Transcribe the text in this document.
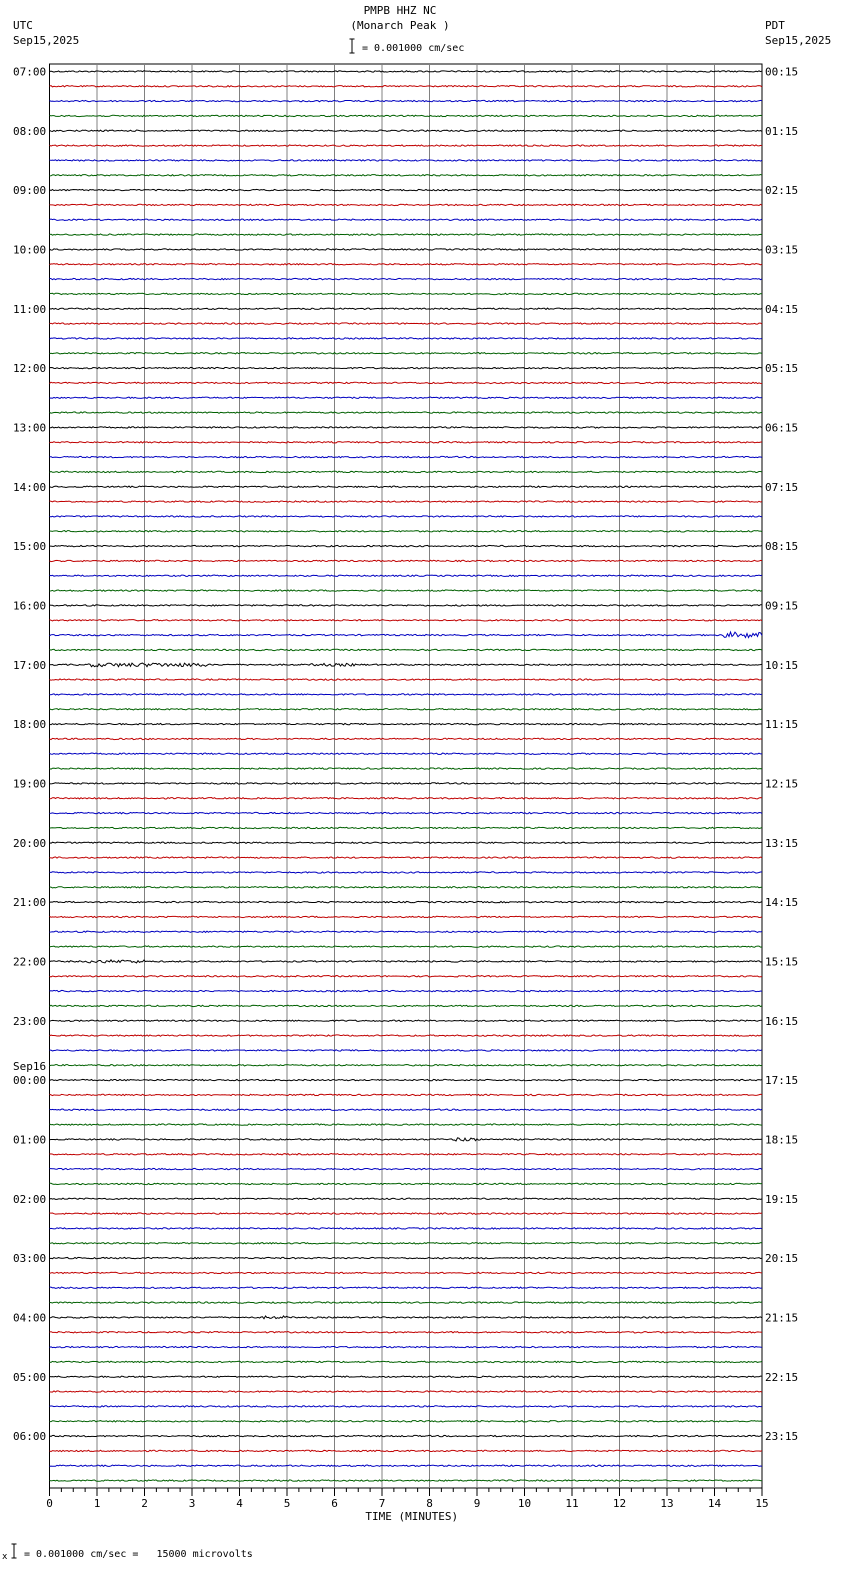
PMPB HHZ NC
(Monarch Peak )
UTC
Sep15,2025
PDT
Sep15,2025
= 0.001000 cm/sec
07:00	00:15
08:00	01:15
09:00	02:15
10:00	03:15
11:00	04:15
12:00	05:15
13:00	06:15
14:00	07:15
15:00	08:15
16:00	09:15
17:00	10:15
18:00	11:15
19:00	12:15
20:00	13:15
21:00	14:15
22:00	15:15
23:00	16:15
00:00	17:15
01:00	18:15
02:00	19:15
03:00	20:15
04:00	21:15
05:00	22:15
06:00	23:15
Sep16
0	1	2	3	4	5	6	7	8	9	10	11	12	13	14	15
TIME (MINUTES)
x = 0.001000 cm/sec =   15000 microvolts
